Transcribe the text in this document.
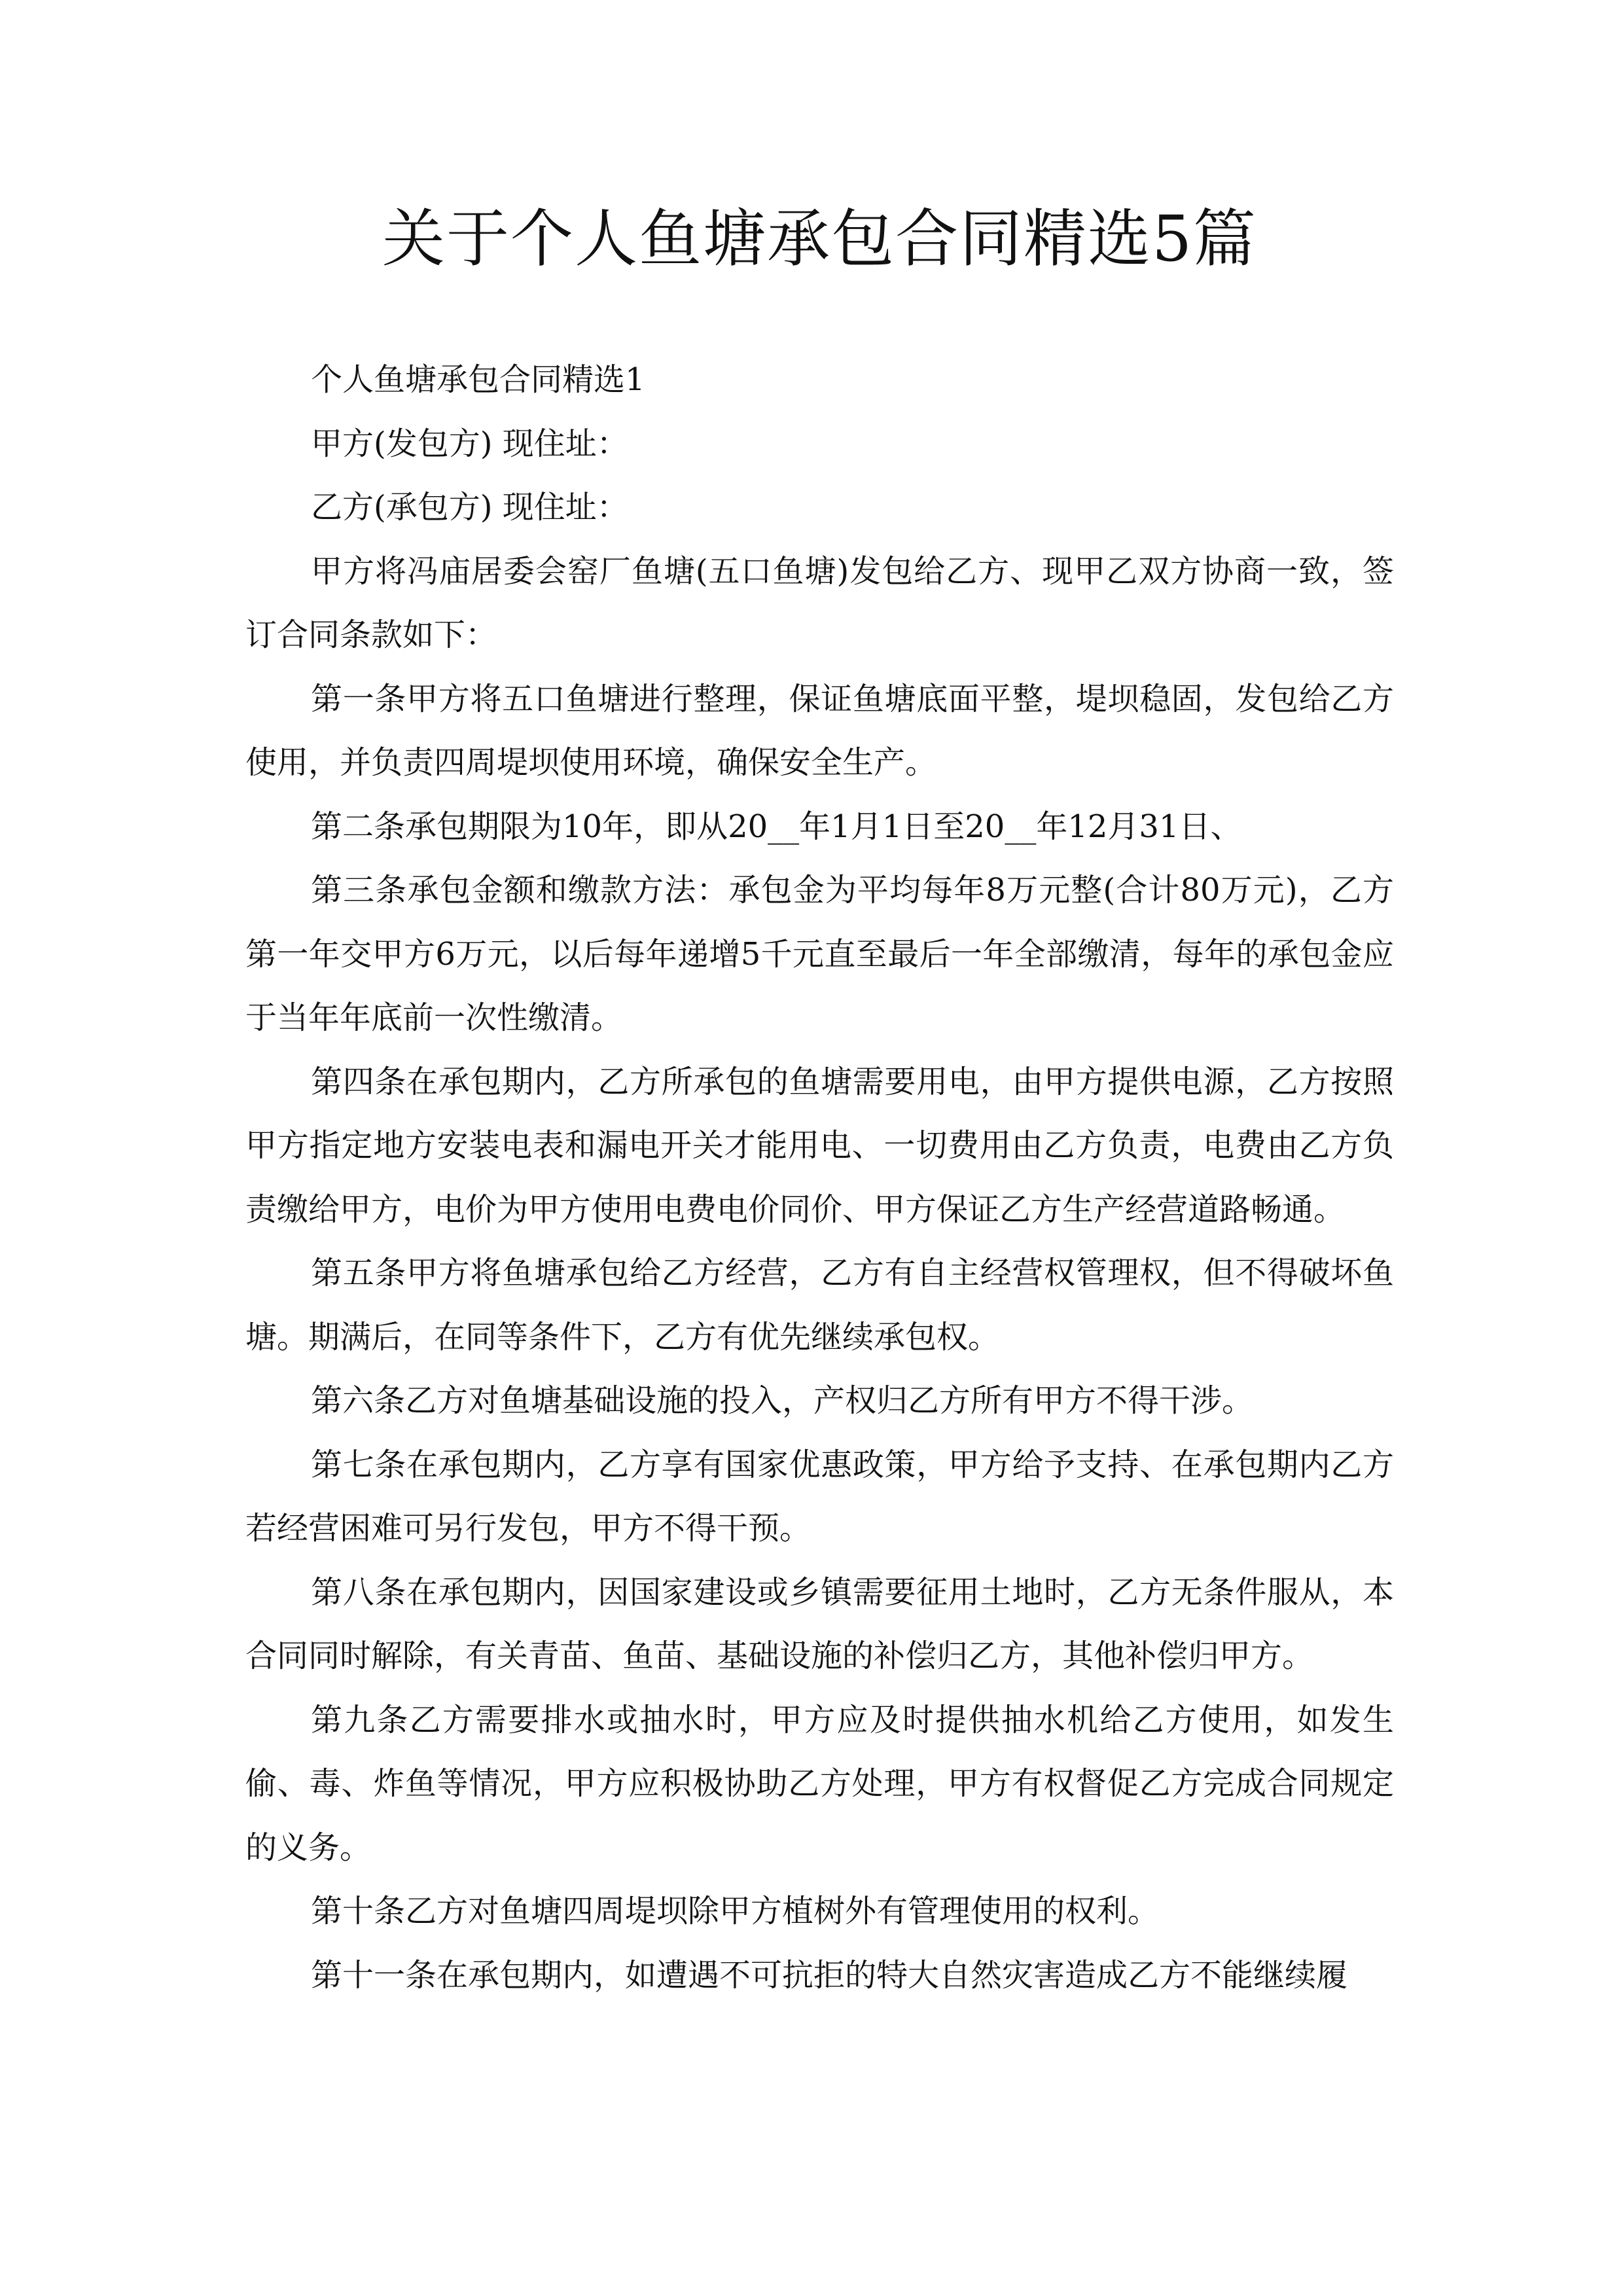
关于个人鱼塘承包合同精选5篇

个人鱼塘承包合同精选1

甲方(发包方) 现住址：

乙方(承包方) 现住址：

甲方将冯庙居委会窑厂鱼塘(五口鱼塘)发包给乙方、现甲乙双方协商一致，签订合同条款如下：

第一条甲方将五口鱼塘进行整理，保证鱼塘底面平整，堤坝稳固，发包给乙方使用，并负责四周堤坝使用环境，确保安全生产。

第二条承包期限为10年，即从20__年1月1日至20__年12月31日、

第三条承包金额和缴款方法：承包金为平均每年8万元整(合计80万元)，乙方第一年交甲方6万元，以后每年递增5千元直至最后一年全部缴清，每年的承包金应于当年年底前一次性缴清。

第四条在承包期内，乙方所承包的鱼塘需要用电，由甲方提供电源，乙方按照甲方指定地方安装电表和漏电开关才能用电、一切费用由乙方负责，电费由乙方负责缴给甲方，电价为甲方使用电费电价同价、甲方保证乙方生产经营道路畅通。

第五条甲方将鱼塘承包给乙方经营，乙方有自主经营权管理权，但不得破坏鱼塘。期满后，在同等条件下，乙方有优先继续承包权。

第六条乙方对鱼塘基础设施的投入，产权归乙方所有甲方不得干涉。

第七条在承包期内，乙方享有国家优惠政策，甲方给予支持、在承包期内乙方若经营困难可另行发包，甲方不得干预。

第八条在承包期内，因国家建设或乡镇需要征用土地时，乙方无条件服从，本合同同时解除，有关青苗、鱼苗、基础设施的补偿归乙方，其他补偿归甲方。

第九条乙方需要排水或抽水时，甲方应及时提供抽水机给乙方使用，如发生偷、毒、炸鱼等情况，甲方应积极协助乙方处理，甲方有权督促乙方完成合同规定的义务。

第十条乙方对鱼塘四周堤坝除甲方植树外有管理使用的权利。

第十一条在承包期内，如遭遇不可抗拒的特大自然灾害造成乙方不能继续履
